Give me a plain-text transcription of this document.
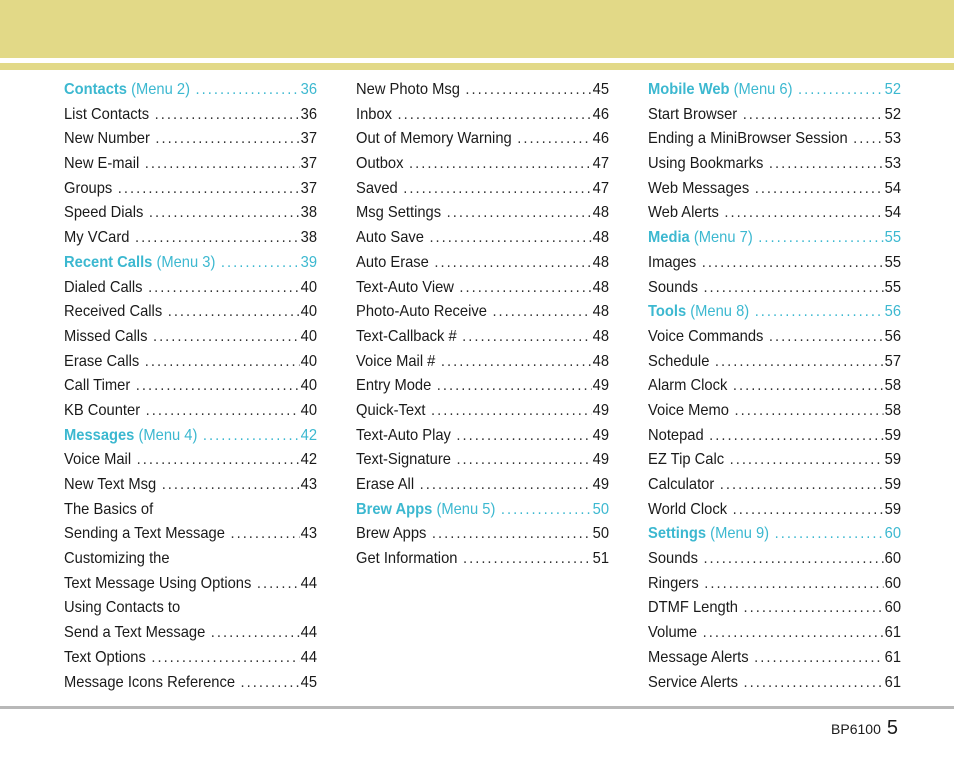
Contacts (Menu 2) .....	36
List Contacts .....	36
New Number .....	37
New E-mail .....	37
Groups .....	37
Speed Dials .....	38
My VCard .....	38
Recent Calls (Menu 3) .....	39
Dialed Calls .....	40
Received Calls .....	40
Missed Calls .....	40
Erase Calls .....	40
Call Timer .....	40
KB Counter .....	40
Messages (Menu 4) .....	42
Voice Mail .....	42
New Text Msg .....	43
The Basics of
Sending a Text Message .....	43
Customizing the
Text Message Using Options .....	44
Using Contacts to
Send a Text Message .....	44
Text Options .....	44
Message Icons Reference .....	45
New Photo Msg .....	45
Inbox .....	46
Out of Memory Warning .....	46
Outbox .....	47
Saved .....	47
Msg Settings .....	48
Auto Save .....	48
Auto Erase .....	48
Text-Auto View .....	48
Photo-Auto Receive .....	48
Text-Callback # .....	48
Voice Mail # .....	48
Entry Mode .....	49
Quick-Text .....	49
Text-Auto Play .....	49
Text-Signature .....	49
Erase All .....	49
Brew Apps (Menu 5) .....	50
Brew Apps .....	50
Get Information .....	51
Mobile Web (Menu 6) .....	52
Start Browser .....	52
Ending a MiniBrowser Session .....	53
Using Bookmarks .....	53
Web Messages .....	54
Web Alerts .....	54
Media (Menu 7) .....	55
Images .....	55
Sounds .....	55
Tools (Menu 8) .....	56
Voice Commands .....	56
Schedule .....	57
Alarm Clock .....	58
Voice Memo .....	58
Notepad .....	59
EZ Tip Calc .....	59
Calculator .....	59
World Clock .....	59
Settings (Menu 9) .....	60
Sounds .....	60
Ringers .....	60
DTMF Length .....	60
Volume .....	61
Message Alerts .....	61
Service Alerts .....	61
BP6100 5
